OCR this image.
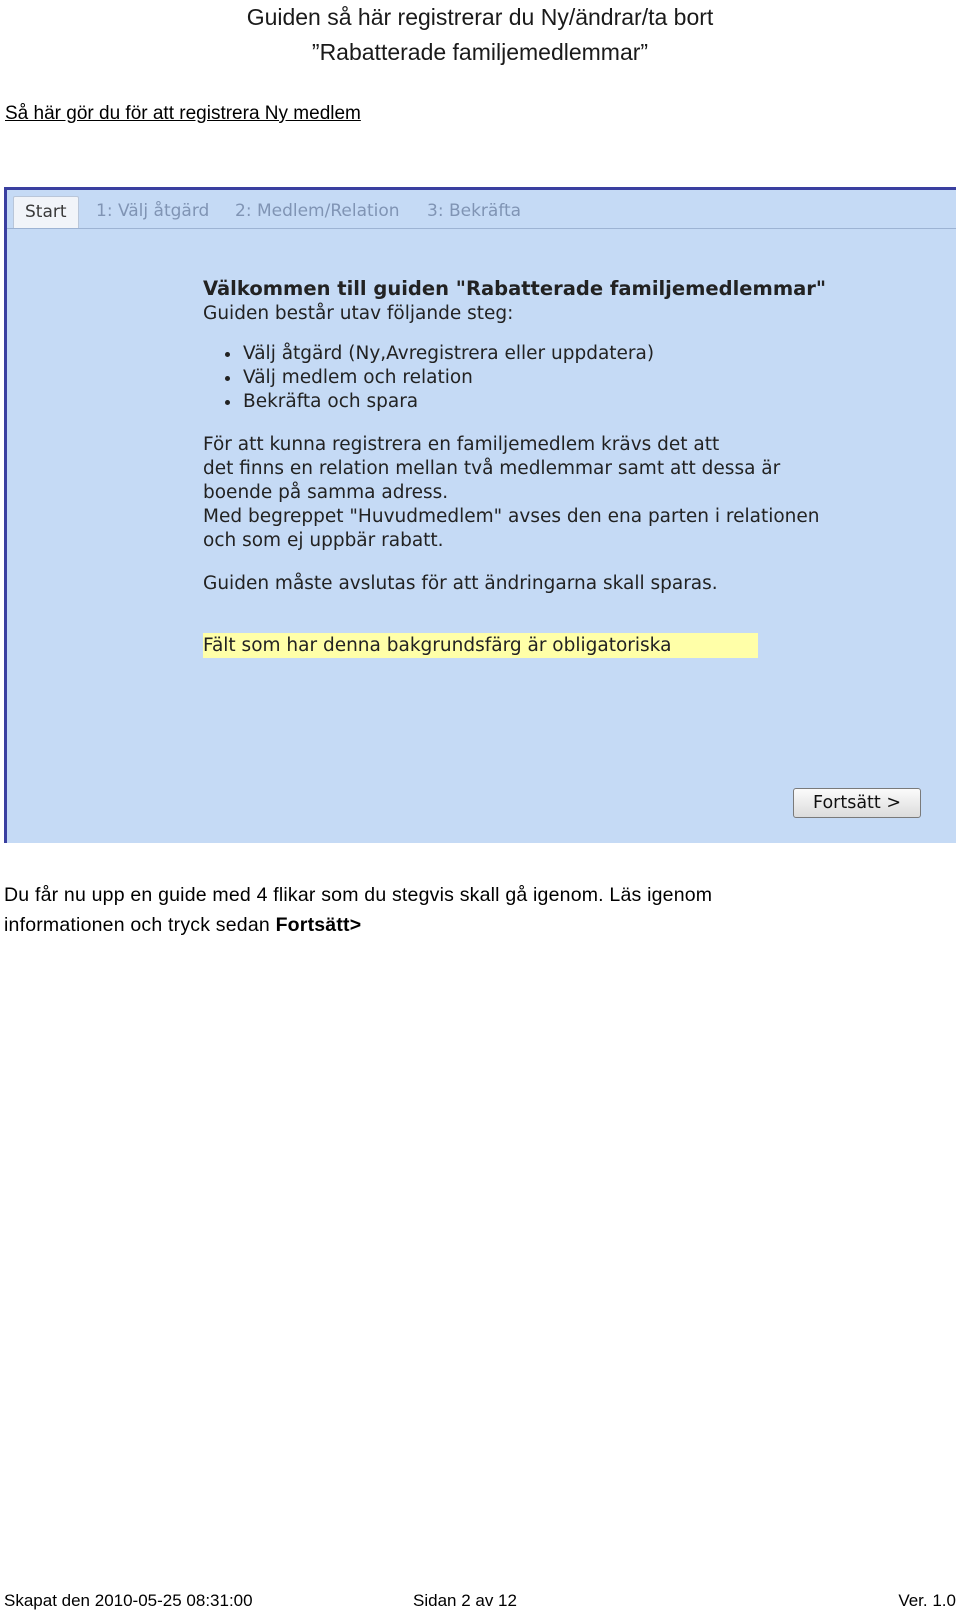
Guiden så här registrerar du Ny/ändrar/ta bort
”Rabatterade familjemedlemmar”
Så här gör du för att registrera Ny medlem
Start	1: Välj åtgärd 2: Medlem/Relation 3: Bekräfta
Välkommen till guiden "Rabatterade familjemedlemmar"
Guiden består utav följande steg:
Välj åtgärd (Ny,Avregistrera eller uppdatera)
Välj medlem och relation
Bekräfta och spara
För att kunna registrera en familjemedlem krävs det att
det finns en relation mellan två medlemmar samt att dessa är
boende på samma adress.
Med begreppet "Huvudmedlem" avses den ena parten i relationen
och som ej uppbär rabatt.
Guiden måste avslutas för att ändringarna skall sparas.
Fält som har denna bakgrundsfärg är obligatoriska
Fortsätt >
Du får nu upp en guide med 4 flikar som du stegvis skall gå igenom. Läs igenom
informationen och tryck sedan Fortsätt>
Skapat den 2010-05-25 08:31:00	Sidan 2 av 12	Ver. 1.0
